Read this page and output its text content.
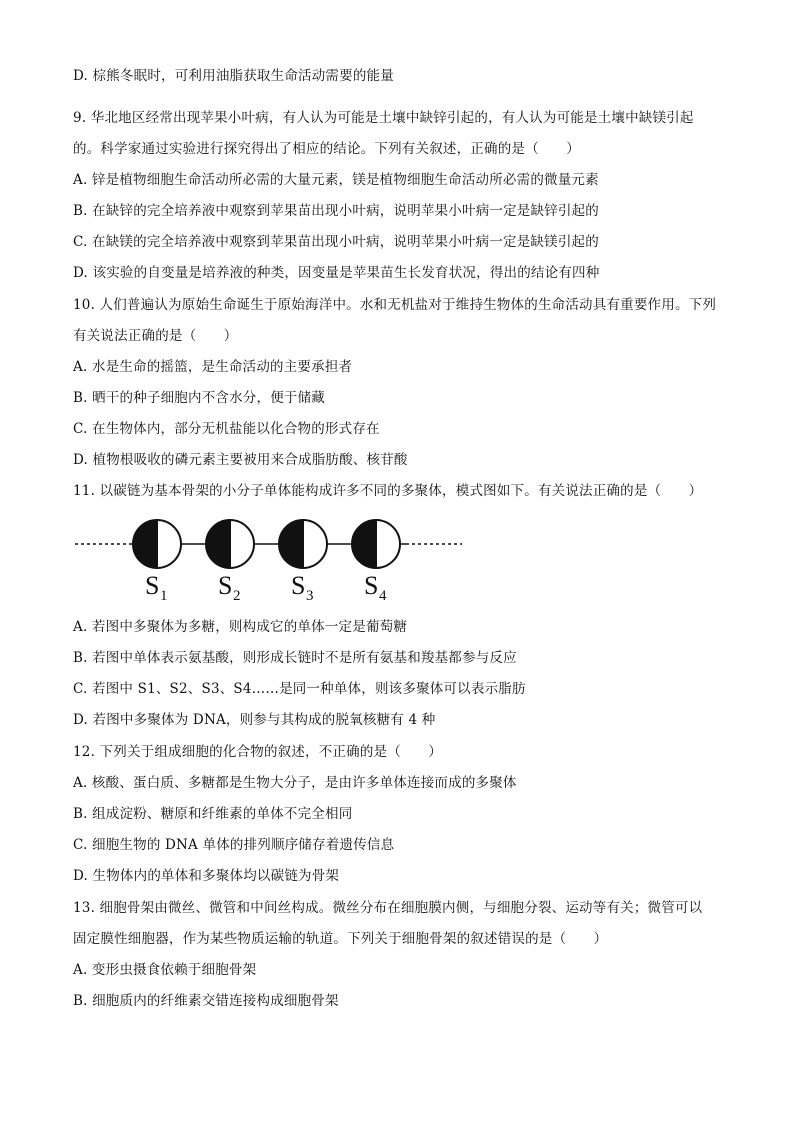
D. 棕熊冬眠时，可利用油脂获取生命活动需要的能量
9. 华北地区经常出现苹果小叶病，有人认为可能是土壤中缺锌引起的，有人认为可能是土壤中缺镁引起
的。科学家通过实验进行探究得出了相应的结论。下列有关叙述，正确的是（　　）
A. 锌是植物细胞生命活动所必需的大量元素，镁是植物细胞生命活动所必需的微量元素
B. 在缺锌的完全培养液中观察到苹果苗出现小叶病，说明苹果小叶病一定是缺锌引起的
C. 在缺镁的完全培养液中观察到苹果苗出现小叶病，说明苹果小叶病一定是缺镁引起的
D. 该实验的自变量是培养液的种类，因变量是苹果苗生长发育状况，得出的结论有四种
10. 人们普遍认为原始生命诞生于原始海洋中。水和无机盐对于维持生物体的生命活动具有重要作用。下列
有关说法正确的是（　　）
A. 水是生命的摇篮，是生命活动的主要承担者
B. 晒干的种子细胞内不含水分，便于储藏
C. 在生物体内，部分无机盐能以化合物的形式存在
D. 植物根吸收的磷元素主要被用来合成脂肪酸、核苷酸
11. 以碳链为基本骨架的小分子单体能构成许多不同的多聚体，模式图如下。有关说法正确的是（　　）
S 1 S 2 S 3 S 4
A. 若图中多聚体为多糖，则构成它的单体一定是葡萄糖
B. 若图中单体表示氨基酸，则形成长链时不是所有氨基和羧基都参与反应
C. 若图中 S1、S2、S3、S4……是同一种单体，则该多聚体可以表示脂肪
D. 若图中多聚体为 DNA，则参与其构成的脱氧核糖有 4 种
12. 下列关于组成细胞的化合物的叙述，不正确的是（　　）
A. 核酸、蛋白质、多糖都是生物大分子，是由许多单体连接而成的多聚体
B. 组成淀粉、糖原和纤维素的单体不完全相同
C. 细胞生物的 DNA 单体的排列顺序储存着遗传信息
D. 生物体内的单体和多聚体均以碳链为骨架
13. 细胞骨架由微丝、微管和中间丝构成。微丝分布在细胞膜内侧，与细胞分裂、运动等有关；微管可以
固定膜性细胞器，作为某些物质运输的轨道。下列关于细胞骨架的叙述错误的是（　　）
A. 变形虫摄食依赖于细胞骨架
B. 细胞质内的纤维素交错连接构成细胞骨架
